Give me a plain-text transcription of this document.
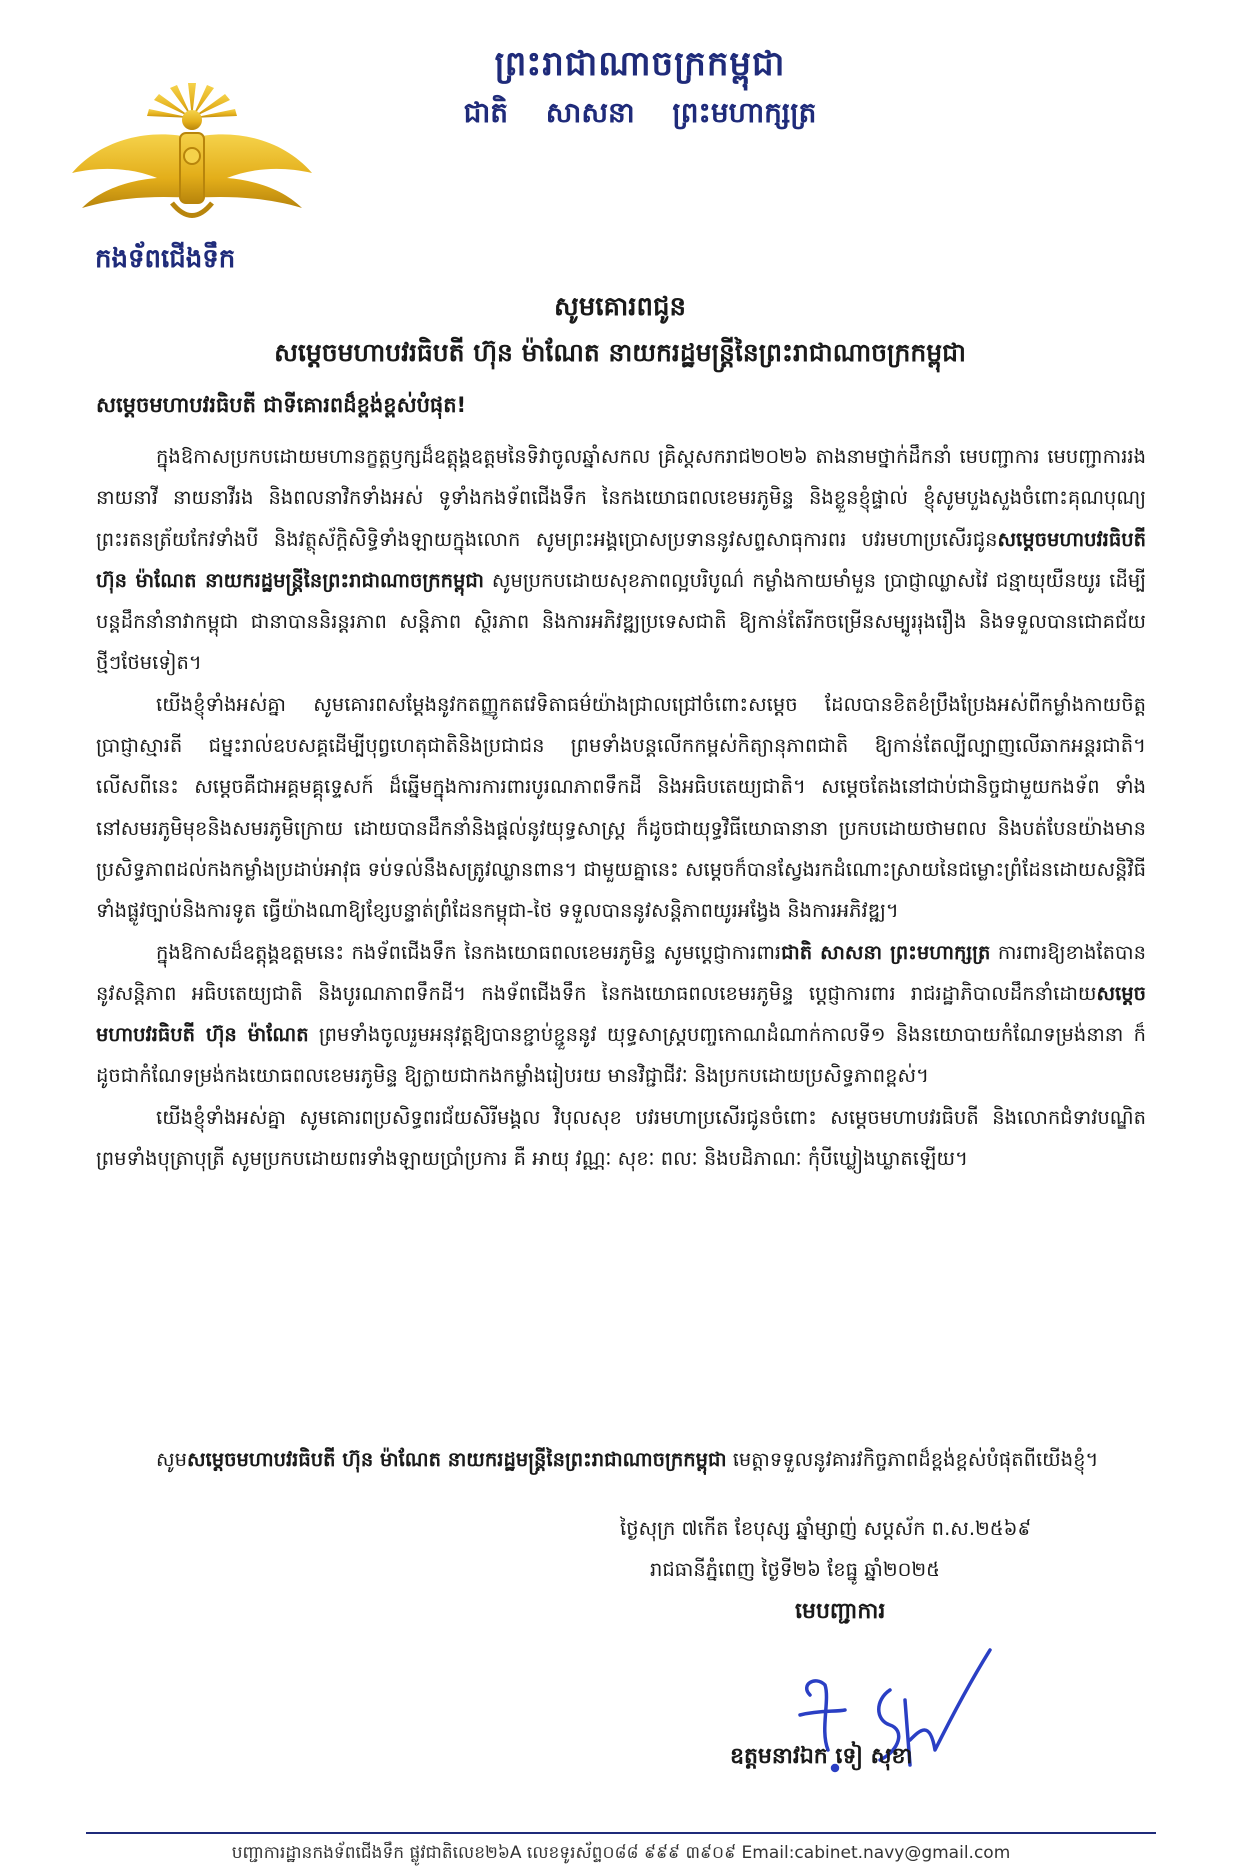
ព្រះរាជាណាចក្រកម្ពុជា
ជាតិ សាសនា ព្រះមហាក្សត្រ
កងទ័ពជើងទឹក
សូមគោរពជូន
សម្តេចមហាបវរធិបតី ហ៊ុន ម៉ាណែត នាយករដ្ឋមន្ត្រីនៃព្រះរាជាណាចក្រកម្ពុជា
សម្តេចមហាបវរធិបតី ជាទីគោរពដ៏ខ្ពង់ខ្ពស់បំផុត!

ក្នុងឱកាសប្រកបដោយមហានក្ខត្តឫក្សដ៏ឧត្តុង្គឧត្តមនៃទិវាចូលឆ្នាំសកល គ្រិស្តសករាជ២០២៦ តាងនាមថ្នាក់ដឹកនាំ មេបញ្ជាការ មេបញ្ជាការរង នាយនាវី នាយនាវីរង និងពលនាវិកទាំងអស់ ទូទាំងកងទ័ពជើងទឹក នៃកងយោធពលខេមរភូមិន្ទ និងខ្លួនខ្ញុំផ្ទាល់ ខ្ញុំសូមបួងសួងចំពោះគុណបុណ្យព្រះរតនត្រ័យកែវទាំងបី និងវត្ថុស័ក្តិសិទ្ធិទាំងឡាយក្នុងលោក សូមព្រះអង្គប្រោសប្រទាននូវសព្ទសាធុការពរ បវរមហាប្រសើរជូនសម្តេចមហាបវរធិបតី ហ៊ុន ម៉ាណែត នាយករដ្ឋមន្ត្រីនៃព្រះរាជាណាចក្រកម្ពុជា សូមប្រកបដោយសុខភាពល្អបរិបូណ៌ កម្លាំងកាយមាំមួន ប្រាជ្ញាឈ្លាសវៃ ជន្មាយុយឺនយូរ ដើម្បីបន្តដឹកនាំនាវាកម្ពុជា ជានាបាននិរន្តរភាព សន្តិភាព ស្ថិរភាព និងការអភិវឌ្ឍប្រទេសជាតិ ឱ្យកាន់តែរីកចម្រើនសម្បូររុងរឿង និងទទួលបានជោគជ័យថ្មីៗថែមទៀត។

យើងខ្ញុំទាំងអស់គ្នា សូមគោរពសម្តែងនូវកតញ្ញូកតវេទិតាធម៌យ៉ាងជ្រាលជ្រៅចំពោះសម្តេច ដែលបានខិតខំប្រឹងប្រែងអស់ពីកម្លាំងកាយចិត្ត ប្រាជ្ញាស្មារតី ជម្នះរាល់ឧបសគ្គដើម្បីបុព្វហេតុជាតិនិងប្រជាជន ព្រមទាំងបន្តលើកកម្ពស់កិត្យានុភាពជាតិ ឱ្យកាន់តែល្បីល្បាញលើឆាកអន្តរជាតិ។ លើសពីនេះ សម្តេចគឺជាអគ្គមគ្គុទ្ទេសក៍ ដ៏ឆ្នើមក្នុងការការពារបូរណភាពទឹកដី និងអធិបតេយ្យជាតិ។ សម្តេចតែងនៅជាប់ជានិច្ចជាមួយកងទ័ព ទាំងនៅសមរភូមិមុខនិងសមរភូមិក្រោយ ដោយបានដឹកនាំនិងផ្តល់នូវយុទ្ធសាស្ត្រ ក៏ដូចជាយុទ្ធវិធីយោធានានា ប្រកបដោយថាមពល និងបត់បែនយ៉ាងមានប្រសិទ្ធភាពដល់កងកម្លាំងប្រដាប់អាវុធ ទប់ទល់នឹងសត្រូវឈ្លានពាន។ ជាមួយគ្នានេះ សម្តេចក៏បានស្វែងរកដំណោះស្រាយនៃជម្លោះព្រំដែនដោយសន្តិវិធីទាំងផ្លូវច្បាប់និងការទូត ធ្វើយ៉ាងណាឱ្យខ្សែបន្ទាត់ព្រំដែនកម្ពុជា-ថៃ ទទួលបាននូវសន្តិភាពយូរអង្វែង និងការអភិវឌ្ឍ។

ក្នុងឱកាសដ៏ឧត្តុង្គឧត្តមនេះ កងទ័ពជើងទឹក នៃកងយោធពលខេមរភូមិន្ទ សូមប្តេជ្ញាការពារជាតិ សាសនា ព្រះមហាក្សត្រ ការពារឱ្យខាងតែបាននូវសន្តិភាព អធិបតេយ្យជាតិ និងបូរណភាពទឹកដី។ កងទ័ពជើងទឹក នៃកងយោធពលខេមរភូមិន្ទ ប្តេជ្ញាការពារ រាជរដ្ឋាភិបាលដឹកនាំដោយសម្តេចមហាបវរធិបតី ហ៊ុន ម៉ាណែត ព្រមទាំងចូលរួមអនុវត្តឱ្យបានខ្ជាប់ខ្ជួននូវ យុទ្ធសាស្ត្របញ្ចកោណដំណាក់កាលទី១ និងនយោបាយកំណែទម្រង់នានា ក៏ដូចជាកំណែទម្រង់កងយោធពលខេមរភូមិន្ទ ឱ្យក្លាយជាកងកម្លាំងរៀបរយ មានវិជ្ជាជីវៈ និងប្រកបដោយប្រសិទ្ធភាពខ្ពស់។

យើងខ្ញុំទាំងអស់គ្នា សូមគោរពប្រសិទ្ធពរជ័យសិរីមង្គល វិបុលសុខ បវរមហាប្រសើរជូនចំពោះ សម្តេចមហាបវរធិបតី និងលោកជំទាវបណ្ឌិត ព្រមទាំងបុត្រាបុត្រី សូមប្រកបដោយពរទាំងឡាយប្រាំប្រការ គឺ អាយុ វណ្ណៈ សុខៈ ពលៈ និងបដិភាណៈ កុំបីឃ្លៀងឃ្លាតឡើយ។

សូមសម្តេចមហាបវរធិបតី ហ៊ុន ម៉ាណែត នាយករដ្ឋមន្ត្រីនៃព្រះរាជាណាចក្រកម្ពុជា មេត្តាទទួលនូវគារវកិច្ចភាពដ៏ខ្ពង់ខ្ពស់បំផុតពីយើងខ្ញុំ។

ថ្ងៃសុក្រ ៧កើត ខែបុស្ស ឆ្នាំម្សាញ់ សប្តស័ក ព.ស.២៥៦៩
រាជធានីភ្នំពេញ ថ្ងៃទី២៦ ខែធ្នូ ឆ្នាំ២០២៥
មេបញ្ជាការ
ឧត្តមនាវឯក ទៀ សុខា
បញ្ជាការដ្ឋានកងទ័ពជើងទឹក ផ្លូវជាតិលេខ២៦A លេខទូរស័ព្ទ០៨៨ ៩៩៩ ៣៩០៩ Email:cabinet.navy@gmail.com
